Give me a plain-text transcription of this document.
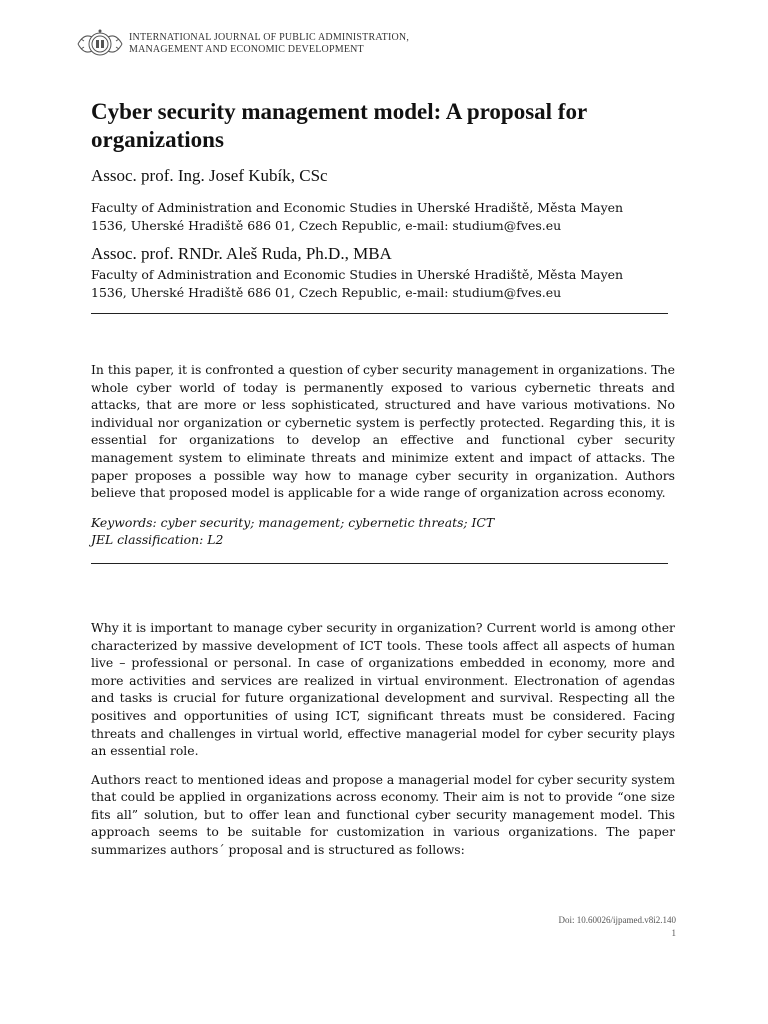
INTERNATIONAL JOURNAL OF PUBLIC ADMINISTRATION,
MANAGEMENT AND ECONOMIC DEVELOPMENT
Cyber security management model: A proposal for organizations

Assoc. prof. Ing. Josef Kubík, CSc

Faculty of Administration and Economic Studies in Uherské Hradiště, Města Mayen

1536, Uherské Hradiště 686 01, Czech Republic, e-mail: studium@fves.eu

Assoc. prof. RNDr. Aleš Ruda, Ph.D., MBA

Faculty of Administration and Economic Studies in Uherské Hradiště, Města Mayen

1536, Uherské Hradiště 686 01, Czech Republic, e-mail: studium@fves.eu

In this paper, it is confronted a question of cyber security management in organizations. The whole cyber world of today is permanently exposed to various cybernetic threats and attacks, that are more or less sophisticated, structured and have various motivations. No individual nor organization or cybernetic system is perfectly protected. Regarding this, it is essential for organizations to develop an effective and functional cyber security management system to eliminate threats and minimize extent and impact of attacks. The paper proposes a possible way how to manage cyber security in organization. Authors believe that proposed model is applicable for a wide range of organization across economy.

Keywords: cyber security; management; cybernetic threats; ICT

JEL classification: L2

Why it is important to manage cyber security in organization? Current world is among other characterized by massive development of ICT tools. These tools affect all aspects of human live – professional or personal. In case of organizations embedded in economy, more and more activities and services are realized in virtual environment. Electronation of agendas and tasks is crucial for future organizational development and survival. Respecting all the positives and opportunities of using ICT, significant threats must be considered. Facing threats and challenges in virtual world, effective managerial model for cyber security plays an essential role.

Authors react to mentioned ideas and propose a managerial model for cyber security system that could be applied in organizations across economy. Their aim is not to provide “one size fits all” solution, but to offer lean and functional cyber security management model. This approach seems to be suitable for customization in various organizations. The paper summarizes authors´ proposal and is structured as follows:

Doi: 10.60026/ijpamed.v8i2.140
1
